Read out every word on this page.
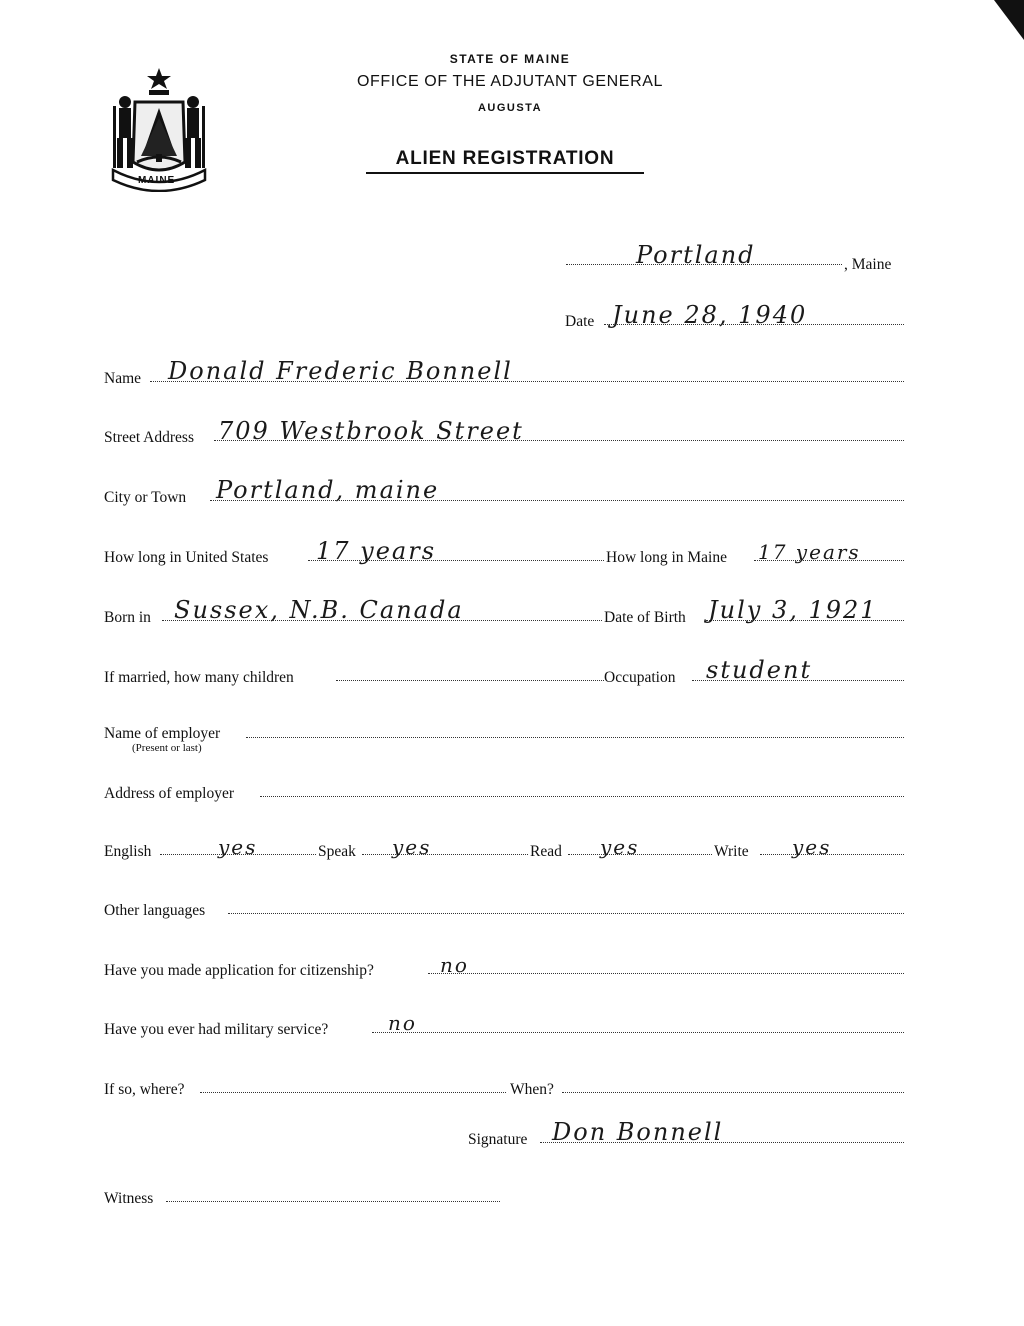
MAINE
STATE OF MAINE
OFFICE OF THE ADJUTANT GENERAL
AUGUSTA
ALIEN REGISTRATION
Portland	, Maine
Date June 28, 1940
Name Donald Frederic Bonnell
Street Address 709 Westbrook Street
City or Town Portland, maine
How long in United States 17 years	How long in Maine 17 years
Born in Sussex, N.B. Canada	Date of Birth July 3, 1921
If married, how many children	Occupation student
Name of employer
(Present or last)
Address of employer
English	yes	Speak yes	Read yes	Write yes
Other languages
Have you made application for citizenship?	no
Have you ever had military service?	no
If so, where?	When?
Signature Don Bonnell
Witness
